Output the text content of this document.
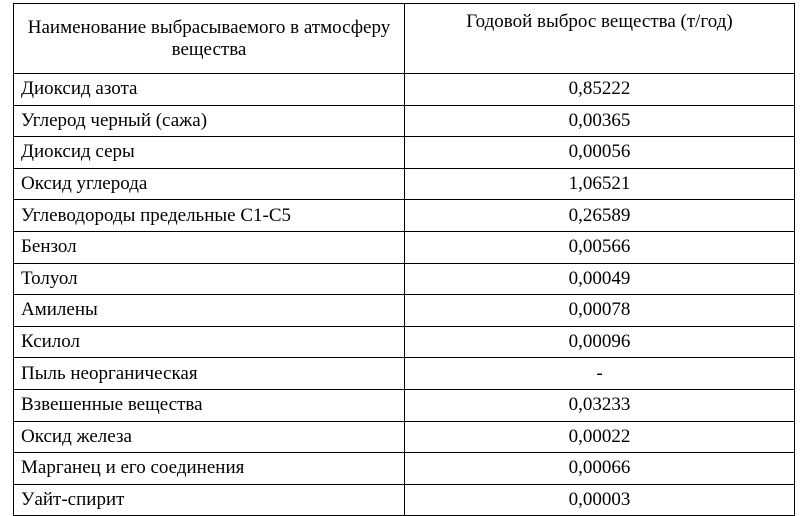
Наименование выбрасываемого в атмосферу вещества	Годовой выброс вещества (т/год)
Диоксид азота	0,85222
Углерод черный (сажа)	0,00365
Диоксид серы	0,00056
Оксид углерода	1,06521
Углеводороды предельные С1-С5	0,26589
Бензол	0,00566
Толуол	0,00049
Амилены	0,00078
Ксилол	0,00096
Пыль неорганическая	-
Взвешенные вещества	0,03233
Оксид железа	0,00022
Марганец и его соединения	0,00066
Уайт-спирит	0,00003
